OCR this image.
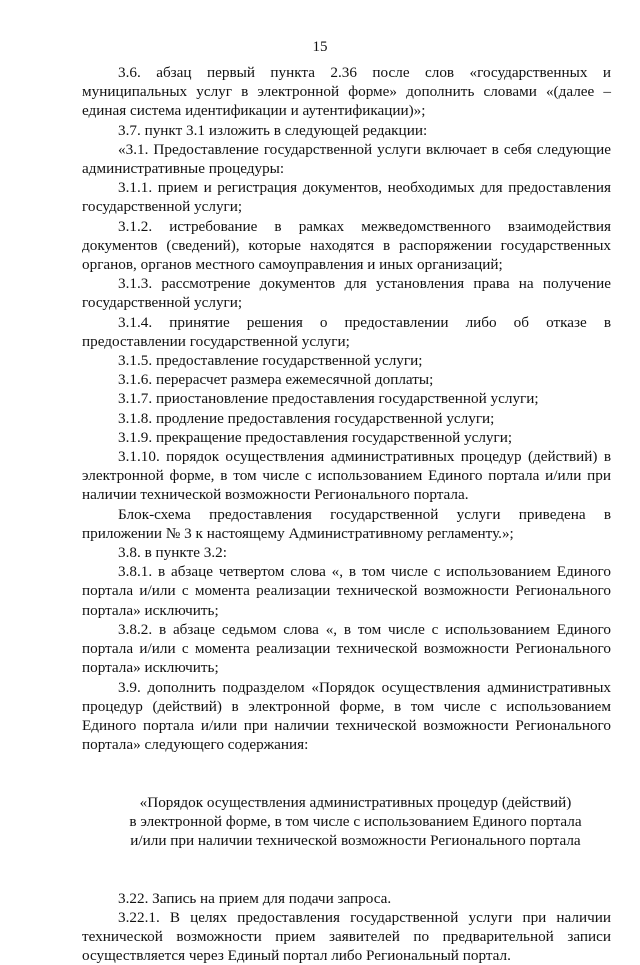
15

3.6. абзац первый пункта 2.36 после слов «государственных и муниципальных услуг в электронной форме» дополнить словами «(далее – единая система идентификации и аутентификации)»;

3.7. пункт 3.1 изложить в следующей редакции:

«3.1. Предоставление государственной услуги включает в себя следующие административные процедуры:

3.1.1. прием и регистрация документов, необходимых для предоставления государственной услуги;

3.1.2. истребование в рамках межведомственного взаимодействия документов (сведений), которые находятся в распоряжении государственных органов, органов местного самоуправления и иных организаций;

3.1.3. рассмотрение документов для установления права на получение государственной услуги;

3.1.4. принятие решения о предоставлении либо об отказе в предоставлении государственной услуги;

3.1.5. предоставление государственной услуги;

3.1.6. перерасчет размера ежемесячной доплаты;

3.1.7. приостановление предоставления государственной услуги;

3.1.8. продление предоставления государственной услуги;

3.1.9. прекращение предоставления государственной услуги;

3.1.10. порядок осуществления административных процедур (действий) в электронной форме, в том числе с использованием Единого портала и/или при наличии технической возможности Регионального портала.

Блок-схема предоставления государственной услуги приведена в приложении № 3 к настоящему Административному регламенту.»;

3.8. в пункте 3.2:

3.8.1. в абзаце четвертом слова «, в том числе с использованием Единого портала и/или с момента реализации технической возможности Регионального портала» исключить;

3.8.2. в абзаце седьмом слова «, в том числе с использованием Единого портала и/или с момента реализации технической возможности Регионального портала» исключить;

3.9. дополнить подразделом «Порядок осуществления административных процедур (действий) в электронной форме, в том числе с использованием Единого портала и/или при наличии технической возможности Регионального портала» следующего содержания:

«Порядок осуществления административных процедур (действий)
в электронной форме, в том числе с использованием Единого портала
и/или при наличии технической возможности Регионального портала

3.22. Запись на прием для подачи запроса.

3.22.1. В целях предоставления государственной услуги при наличии технической возможности прием заявителей по предварительной записи осуществляется через Единый портал либо Региональный портал.
